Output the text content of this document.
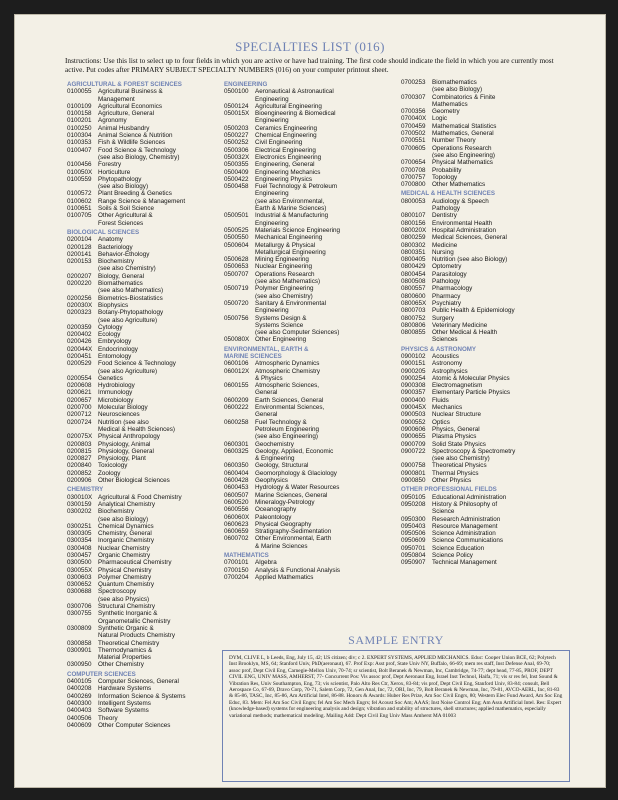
SPECIALTIES LIST (016)
Instructions: Use this list to select up to four fields in which you are active or have had training. The first code should indicate the field in which you are currently most active. Put codes after PRIMARY SUBJECT SPECIALTY NUMBERS (016) on your computer printout sheet.
AGRICULTURAL & FOREST SCIENCES
0100055	Agricultural Business &
Management
0100109	Agricultural Economics
0100158	Agriculture, General
0100201	Agronomy
0100250	Animal Husbandry
0100304	Animal Science & Nutrition
0100353	Fish & Wildlife Sciences
0100407	Food Science & Technology
(see also Biology, Chemistry)
0100456	Forestry
010050X Horticulture
0100559	Phytopathology
(see also Biology)
0100572	Plant Breeding & Genetics
0100602	Range Science & Management
0100651	Soils & Soil Science
0100705	Other Agricultural &
Forest Sciences
BIOLOGICAL SCIENCES
0200104	Anatomy
0200128	Bacteriology
0200141	Behavior-Ethology
0200153	Biochemistry
(see also Chemistry)
0200207	Biology, General
0200220	Biomathematics
(see also Mathematics)
0200256	Biometrics-Biostatistics
020030X Biophysics
0200323	Botany-Phytopathology
(see also Agriculture)
0200359	Cytology
0200402	Ecology
0200426	Embryology
020044X Endocrinology
0200451	Entomology
0200529	Food Science & Technology
(see also Agriculture)
0200554	Genetics
0200608	Hydrobiology
0200621	Immunology
0200657	Microbiology
0200700	Molecular Biology
0200712	Neurosciences
0200724	Nutrition (see also
Medical & Health Sciences)
020075X Physical Anthropology
0200803	Physiology, Animal
0200815	Physiology, General
0200827	Physiology, Plant
0200840	Toxicology
0200852	Zoology
0200906	Other Biological Sciences
CHEMISTRY
030010X Agricultural & Food Chemistry
0300159	Analytical Chemistry
0300202	Biochemistry
(see also Biology)
0300251	Chemical Dynamics
0300305	Chemistry, General
0300354	Inorganic Chemistry
0300408	Nuclear Chemistry
0300457	Organic Chemistry
0300500	Pharmaceutical Chemistry
030055X Physical Chemistry
0300603	Polymer Chemistry
0300652	Quantum Chemistry
0300688	Spectroscopy
(see also Physics)
0300706	Structural Chemistry
0300755	Synthetic Inorganic &
Organometallic Chemistry
0300809	Synthetic Organic &
Natural Products Chemistry
0300858	Theoretical Chemistry
0300901	Thermodynamics &
Material Properties
0300950	Other Chemistry
COMPUTER SCIENCES
0400105	Computer Sciences, General
0400208	Hardware Systems
0400269	Information Science & Systems
0400300	Intelligent Systems
0400403	Software Systems
0400506	Theory
0400609	Other Computer Sciences
ENGINEERING
0500100	Aeronautical & Astronautical
Engineering
0500124	Agricultural Engineering
050015X Bioengineering & Biomedical
Engineering
0500203	Ceramics Engineering
0500227	Chemical Engineering
0500252	Civil Engineering
0500306	Electrical Engineering
050032X Electronics Engineering
0500355	Engineering, General
0500409	Engineering Mechanics
0500422	Engineering Physics
0500458	Fuel Technology & Petroleum
Engineering
(see also Environmental,
Earth & Marine Sciences)
0500501	Industrial & Manufacturing
Engineering
0500525	Materials Science Engineering
0500550	Mechanical Engineering
0500604	Metallurgy & Physical
Metallurgical Engineering
0500628	Mining Engineering
0500653	Nuclear Engineering
0500707	Operations Research
(see also Mathematics)
0500719	Polymer Engineering
(see also Chemistry)
0500720	Sanitary & Environmental
Engineering
0500756	Systems Design &
Systems Science
(see also Computer Sciences)
050080X Other Engineering
ENVIRONMENTAL, EARTH &
MARINE SCIENCES
0600106	Atmospheric Dynamics
060012X Atmospheric Chemistry
& Physics
0600155	Atmospheric Sciences,
General
0600209	Earth Sciences, General
0600222	Environmental Sciences,
General
0600258	Fuel Technology &
Petroleum Engineering
(see also Engineering)
0600301	Geochemistry
0600325	Geology, Applied, Economic
& Engineering
0600350	Geology, Structural
0600404	Geomorphology & Glaciology
0600428	Geophysics
0600453	Hydrology & Water Resources
0600507	Marine Sciences, General
0600520	Mineralogy-Petrology
0600556	Oceanography
060060X Paleontology
0600623	Physical Geography
0600659	Stratigraphy-Sedimentation
0600702	Other Environmental, Earth
& Marine Sciences
MATHEMATICS
0700101	Algebra
0700150	Analysis & Functional Analysis
0700204	Applied Mathematics
0700253	Biomathematics
(see also Biology)
0700307	Combinatorics & Finite
Mathematics
0700356	Geometry
070040X Logic
0700459	Mathematical Statistics
0700502	Mathematics, General
0700551	Number Theory
0700605	Operations Research
(see also Engineering)
0700654	Physical Mathematics
0700708	Probability
0700757	Topology
0700800	Other Mathematics
MEDICAL & HEALTH SCIENCES
0800053	Audiology & Speech
Pathology
0800107	Dentistry
0800156	Environmental Health
080020X Hospital Administration
0800259	Medical Sciences, General
0800302	Medicine
0800351	Nursing
0800405	Nutrition (see also Biology)
0800429	Optometry
0800454	Parasitology
0800508	Pathology
0800557	Pharmacology
0800600	Pharmacy
080065X Psychiatry
0800703	Public Health & Epidemiology
0800752	Surgery
0800806	Veterinary Medicine
0800855	Other Medical & Health
Sciences
PHYSICS & ASTRONOMY
0900102	Acoustics
0900151	Astronomy
0900205	Astrophysics
0900254	Atomic & Molecular Physics
0900308	Electromagnetism
0900357	Elementary Particle Physics
0900400	Fluids
090045X Mechanics
0900503	Nuclear Structure
0900552	Optics
0900606	Physics, General
0900655	Plasma Physics
0900709	Solid State Physics
0900722	Spectroscopy & Spectrometry
(see also Chemistry)
0900758	Theoretical Physics
0900801	Thermal Physics
0900850	Other Physics
OTHER PROFESSIONAL FIELDS
0950105	Educational Administration
0950208	History & Philosophy of
Science
0950300	Research Administration
0950403	Resource Management
0950506	Science Administration
0950609	Science Communications
0950701	Science Education
0950804	Science Policy
0950907	Technical Management
SAMPLE ENTRY
DYM, CLIVE L, b Leeds, Eng, July 15, 42; US citizen; div; c 2. EXPERT SYSTEMS, APPLIED MECHANICS. Educ: Cooper Union BCE, 62; Polytech Inst Brooklyn, MS, 64; Stanford Univ, PhD(aeronaut), 67. Prof Exp: Asst prof, State Univ NY, Buffalo, 66-69; mem res staff, Inst Defense Anal, 69-70; assoc prof, Dept Civil Eng, Carnegie-Mellon Univ, 70-74; sr scientist, Bolt Beranek & Newman, Inc, Cambridge, 74-77; dept head, 77-85, PROF, DEPT CIVIL ENG, UNIV MASS, AMHERST, 77- Concurrent Pos: Vis assoc prof, Dept Aeronaut Eng, Israel Inst Technol, Haifa, 71; vis sr res fel, Inst Sound & Vibration Res, Univ Southampton, Eng, 73; vis scientist, Palo Alto Res Ctr, Xerox, 83-84; vis prof, Dept Civil Eng, Stanford Univ, 83-84; consult, Bell Aerospace Co, 67-69, Dravo Corp, 70-71, Salem Corp, 72, Gen Anal, Inc, 72, ORI, Inc, 79, Bolt Beranek & Newman, Inc, 79-81, AVCO-AERL, Inc, 81-83 & 85-86, TASC, Inc, 85-86, Am Artificial Intel, 86-88. Honors & Awards: Huber Res Prize, Am Soc Civil Engrs, 80; Western Elec Fund Award, Am Soc Eng Educ, 83. Mem: Fel Am Soc Civil Engrs; fel Am Soc Mech Engrs; fel Acoust Soc Am; AAAS; Inst Noise Control Eng; Am Assn Artificial Intel. Res: Expert (knowledge-based) systems for engineering analysis and design; vibration and stability of structures, shell structures; applied mathematics, especially variational methods; mathematical modeling. Mailing Add: Dept Civil Eng Univ Mass Amherst MA 01003
